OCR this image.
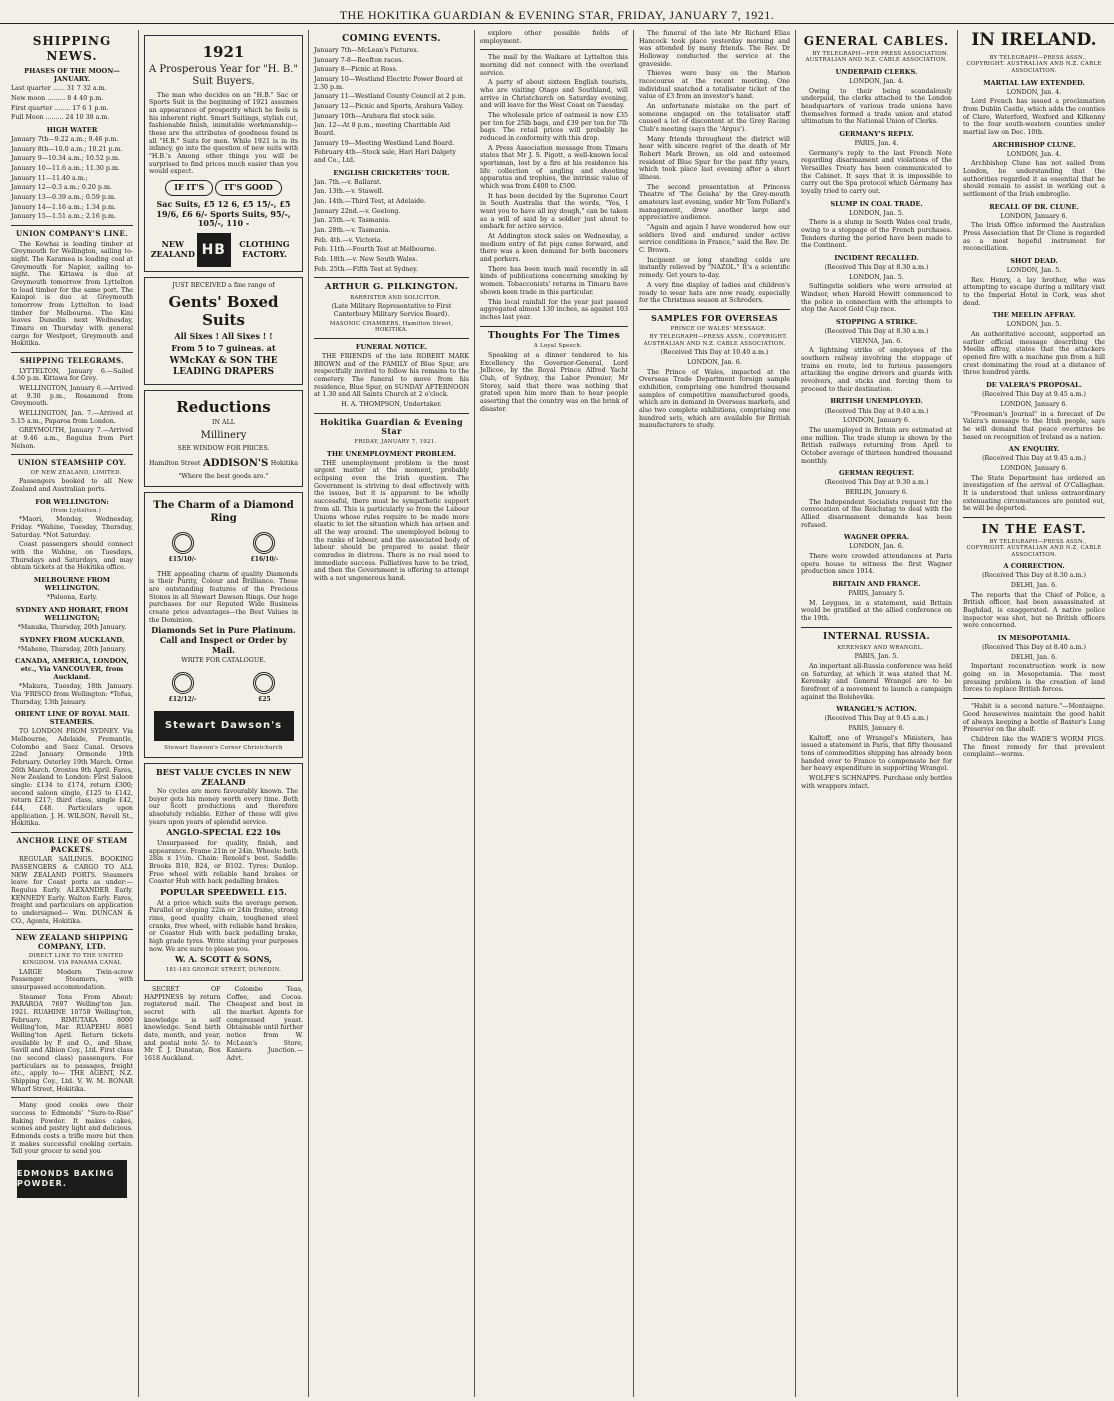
THE HOKITIKA GUARDIAN & EVENING STAR, FRIDAY, JANUARY 7, 1921.
SHIPPING NEWS.
PHASES OF THE MOON—JANUARY.

Last quarter ...... 31 7 32 a.m.

New moon ......... 8 4 40 p.m.

First quarter ........ 17 6 1 p.m.

Full Moon ......... 24 10 38 a.m.

HIGH WATER

January 7th—9.22 a.m.; 9.46 p.m.

January 8th—10.0 a.m.; 10.21 p.m.

January 9—10.34 a.m.; 10.52 p.m.

January 10—11.6 a.m.; 11.30 p.m.

January 11—11.40 a.m.;

January 12—0.3 a.m.; 0.20 p.m.

January 13—0.39 a.m.; 0.59 p.m.

January 14—1.16 a.m.; 1.34 p.m.

January 15—1.51 a.m.; 2.16 p.m.

UNION COMPANY'S LINE.

The Kowhai is loading timber at Greymouth for Wellington, sailing to-night. The Karamea is loading coal at Greymouth for Napier, sailing to-night. The Kittawa is due at Greymouth tomorrow from Lyttelton to load timber for the same port. The Kaiapoi is due at Greymouth tomorrow from Lyttelton to load timber for Melbourne. The Kini leaves Dunedin next Wednesday, Timaru on Thursday with general cargo for Westport, Greymouth and Hokitika.

SHIPPING TELEGRAMS.

LYTTELTON, January 6.—Sailed 4.50 p.m. Kittawa for Grey.

WELLINGTON, January 6.—Arrived at 9.30 p.m., Rosamond from Greymouth.

WELLINGTON, Jan. 7.—Arrived at 5.15 a.m., Paparoa from London.

GREYMOUTH, January 7.—Arrived at 9.46 a.m., Regulus from Port Nelson.

UNION STEAMSHIP COY.

OF NEW ZEALAND, LIMITED.

Passengers booked to all New Zealand and Australian ports.

FOR WELLINGTON:

(from Lyttelton.)

*Maori, Monday, Wednesday, Friday. *Wahine, Tuesday, Thursday, Saturday. *Not Saturday.

Coast passengers should connect with the Wahine, on Tuesdays, Thursdays and Saturdays, and may obtain tickets at the Hokitika office.

MELBOURNE FROM WELLINGTON.

*Paloona, Early.

SYDNEY AND HOBART, FROM WELLINGTON;

*Manuka, Thursday, 20th January.

SYDNEY FROM AUCKLAND.

*Maheno, Thursday, 20th January.

CANADA, AMERICA, LONDON, etc., Via VANCOUVER, from Auckland.

*Makura, Tuesday, 18th January. Via 'FRISCO from Wellington: *Tofua, Thursday, 13th January.

ORIENT LINE OF ROYAL MAIL STEAMERS.

TO LONDON FROM SYDNEY. Via Melbourne, Adelaide, Fremantle, Colombo and Suez Canal. Orsova 22nd January. Ormonde 19th February. Osterley 19th March. Orme 26th March. Orontes 9th April. Fares, New Zealand to London: First Saloon single: £134 to £174, return £300; second saloon single, £125 to £142, return £217; third class, single £42, £44, £48. Particulars upon application. J. H. WILSON, Revell St., Hokitika.

ANCHOR LINE OF STEAM PACKETS.

REGULAR SAILINGS. BOOKING PASSENGERS & CARGO TO ALL NEW ZEALAND PORTS. Steamers leave for Coast ports as under:— Regulus Early. ALEXANDER Early. KENNEDY Early. Walton Early. Fares, freight and particulars on application to undersigned— Wm. DUNCAN & CO., Agents, Hokitika.

NEW ZEALAND SHIPPING COMPANY, LTD.

DIRECT LINE TO THE UNITED KINGDOM. VIA PANAMA CANAL

LARGE Modern Twin-screw Passenger Steamers, with unsurpassed accommodation.

Steamer Tons From About: PARAROA 7697 Welling'ton Jan. 1921. RUAHINE 10758 Welling'ton, February. RIMUTAKA 8000 Welling'ton, Mar. RUAPEHU 8681 Welling'ton April. Return tickets available by P. and O., and Shaw, Savill and Albion Coy., Ltd. First class (no second class) passengers. For particulars as to passages, freight etc., apply to— THE AGENT, N.Z. Shipping Coy., Ltd. V. W. M. BONAR Wharf Street, Hokitika.

Many good cooks owe their success to Edmonds' "Sure-to-Rise" Baking Powder. It makes cakes, scones and pastry light and delicious. Edmonds costs a trifle more but then it makes successful cooking certain. Tell your grocer to send you

EDMONDS BAKING POWDER.
1921
A Prosperous Year for "H. B." Suit Buyers.

The man who decides on an "H.B." Sac or Sports Suit in the beginning of 1921 assumes an appearance of prosperity which he feels is his inherent right. Smart Suitings, stylish cut, fashionable finish, inimitable workmanship—these are the attributes of goodness found in all "H.B." Suits for men. While 1921 is in its infancy, go into the question of new suits with "H.B.'s Among other things you will be surprised to find prices much easier than you would expect.

IF IT'S	IT'S GOOD

Sac Suits, £5 12 6, £5 15/-, £5 19/6, £6 6/- Sports Suits, 95/-, 105/-, 110 -

NEW ZEALAND HB	CLOTHING FACTORY.

JUST RECEIVED a fine range of

Gents' Boxed Suits

All Sixes ! All Sixes ! !

From 5 to 7 guineas. at

WMcKAY & SON THE LEADING DRAPERS

Reductions

IN ALL

Millinery

SEE WINDOW FOR PRICES.

Hamilton Street ADDISON'S Hokitika

"Where the best goods are."

The Charm of a Diamond Ring
£15/10/-	£16/10/-

THE appealing charm of quality Diamonds is their Purity, Colour and Brilliance. These are outstanding features of the Precious Stones in all Stewart Dawson Rings. Our huge purchases for our Reputed Wide Business create price advantages—the Best Values in the Dominion.

Diamonds Set in Pure Platinum. Call and Inspect or Order by Mail.

WRITE FOR CATALOGUE.

£12/12/-	£25
Stewart Dawson's

Stewart Dawson's Corner Christchurch

BEST VALUE CYCLES IN NEW ZEALAND

No cycles are more favourably known. The buyer gets his money worth every time. Both our Scott productions and therefore absolutely reliable. Either of these will give years upon years of splendid service.

ANGLO-SPECIAL £22 10s

Unsurpassed for quality, finish, and appearance. Frame 21in or 24in. Wheels: both 28in x 1½in. Chain: Renold's best. Saddle: Brooks B10, B24, or B102. Tyres: Dunlop. Free wheel with reliable hand brakes or Coaster Hub with back pedalling brakes.

POPULAR SPEEDWELL £15.

At a price which suits the average person. Parallel or sloping 22in or 24in frame, strong rims, good quality chain, toughened steel cranks, free wheel, with reliable hand brakes, or Coaster Hub with back pedalling brake, high grade tyres. Write stating your purposes now. We are sure to please you.

W. A. SCOTT & SONS,

181-183 GEORGE STREET, DUNEDIN.

SECRET OF HAPPINESS by return registered mail. The secret with all knowledge is self knowledge. Send birth date, month, and year, and postal note 5/- to Mr T. J. Dunstan, Box 1618 Auckland.

Colombo Teas, Coffee, and Cocoa. Cheapest and best in the market. Agents for compressed yeast. Obtainable until further notice from W. McLean's Store, Kaniera Junction.—Advt.

COMING EVENTS.

January 7th—McLean's Pictures.

January 7-8—Reefton races.

January 8—Picnic at Ross.

January 10—Westland Electric Power Board at 2.30 p.m.

January 11—Westland County Council at 2 p.m.

January 12—Picnic and Sports, Arahura Valley.

January 10th—Arahura flat stock sale.

Jan. 12—At 8 p.m., meeting Charitable Aid Board.

January 19—Meeting Westland Land Board.

February 4th—Stock sale, Hari Hari Dalgety and Co., Ltd.

ENGLISH CRICKETERS' TOUR.

Jan. 7th.—v. Ballarat.

Jan. 13th.—v. Stawell.

Jan. 14th.—Third Test, at Adelaide.

January 22nd.—v. Geelong.

Jan. 25th.—v. Tasmania.

Jan. 28th.—v. Tasmania.

Feb. 4th.—v. Victoria.

Feb. 11th.—Fourth Test at Melbourne.

Feb. 18th.—v. New South Wales.

Feb. 25th.—Fifth Test at Sydney.

ARTHUR G. PILKINGTON.

BARRISTER AND SOLICITOR.

(Late Military Representative to First Canterbury Military Service Board).

MASONIC CHAMBERS, Hamilton Street, HOKITIKA.

FUNERAL NOTICE.

THE FRIENDS of the late ROBERT MARK BROWN and of the FAMILY of Blue Spur, are respectfully invited to follow his remains to the cemetery. The funeral to move from his residence, Blue Spur, on SUNDAY AFTERNOON at 1.30 and All Saints Church at 2 o'clock.

H. A. THOMPSON, Undertaker.

Hokitika Guardian & Evening Star

FRIDAY, JANUARY 7, 1921.

THE UNEMPLOYMENT PROBLEM.

THE unemployment problem is the most urgent matter at the moment, probably eclipsing even the Irish question. The Government is striving to deal effectively with the issues, but it is apparent to be wholly successful, there must be sympathetic support from all. This is particularly so from the Labour Unions whose rules require to be made more elastic to let the situation which has arisen and all the way around. The unemployed belong to the ranks of labour, and the associated body of labour should be prepared to assist their comrades in distress. There is no real need to immediate success. Palliatives have to be tried, and then the Government is offering to attempt with a not ungenerous hand.

explore other possible fields of employment.

The mail by the Waikare at Lyttelton this morning did not connect with the overland service.

A party of about sixteen English tourists, who are visiting Otago and Southland, will arrive in Christchurch on Saturday evening, and will leave for the West Coast on Tuesday.

The wholesale price of oatmeal is now £35 per ton for 25lb bags, and £39 per ton for 7lb bags. The retail prices will probably be reduced in conformity with this drop.

A Press Association message from Timaru states that Mr J. S. Pigott, a well-known local sportsman, lost by a fire at his residence his life collection of angling and shooting apparatus and trophies, the intrinsic value of which was from £400 to £500.

It has been decided by the Supreme Court in South Australia that the words, "Yes, I want you to have all my dough," can be taken as a will of said by a soldier just about to embark for active service.

At Addington stock sales on Wednesday, a medium entry of fat pigs came forward, and there was a keen demand for both baconers and porkers.

There has been much mail recently in all kinds of publications concerning smoking by women. Tobacconists' returns in Timaru have shown keen trade in this particular.

This local rainfall for the year just passed aggregated almost 130 inches, as against 103 inches last year.

Thoughts For The Times

A Loyal Speech.

Speaking at a dinner tendered to his Excellency the Governor-General, Lord Jellicoe, by the Royal Prince Alfred Yacht Club, of Sydney, the Labor Premier, Mr Storey, said that there was nothing that grated upon him more than to hear people asserting that the country was on the brink of disaster.

The funeral of the late Mr Richard Elias Hancock took place yesterday morning and was attended by many friends. The Rev. Dr Holloway conducted the service at the graveside.

Thieves were busy on the Marion racecourse at the recent meeting. One individual snatched a totalisator ticket of the value of £3 from an investor's hand.

An unfortunate mistake on the part of someone engaged on the totalisator staff caused a lot of discontent at the Grey Racing Club's meeting (says the 'Argus').

Many friends throughout the district will hear with sincere regret of the death of Mr Robert Mark Brown, an old and esteemed resident of Blue Spur for the past fifty years, which took place last evening after a short illness.

The second presentation at Princess Theatre of 'The Geisha' by the Grey-mouth amateurs last evening, under Mr Tom Pollard's management, drew another large and appreciative audience.

"Again and again I have wondered how our soldiers lived and endured under active service conditions in France," said the Rev. Dr. C. Brown.

Incipient or long standing colds are instantly relieved by "NAZOL." It's a scientific remedy. Get yours to-day.

A very fine display of ladies and children's ready to wear hats are now ready, especially for the Christmas season at Schroders.

SAMPLES FOR OVERSEAS

PRINCE OF WALES' MESSAGE.

BY TELEGRAPH—PRESS ASSN., COPYRIGHT. AUSTRALIAN AND N.Z. CABLE ASSOCIATION.

(Received This Day at 10.40 a.m.)

LONDON, Jan. 6.

The Prince of Wales, impacted at the Overseas Trade Department foreign sample exhibition, comprising one hundred thousand samples of competitive manufactured goods, which are in demand in Overseas markets, and also two complete exhibitions, comprising one hundred sets, which are available for British manufacturers to study.

GENERAL CABLES.

BY TELEGRAPH—PER PRESS ASSOCIATION. AUSTRALIAN AND N.Z. CABLE ASSOCIATION.

UNDERPAID CLERKS.

LONDON, Jan. 4.

Owing to their being scandalously underpaid, the clerks attached to the London headquarters of various trade unions have themselves formed a trade union and stated ultimatum to the National Union of Clerks.

GERMANY'S REPLY.

PARIS, Jan. 4.

Germany's reply to the last French Note regarding disarmament and violations of the Versailles Treaty has been communicated to the Cabinet. It says that it is impossible to carry out the Spa protocol which Germany has loyally tried to carry out.

SLUMP IN COAL TRADE.

LONDON, Jan. 5.

There is a slump in South Wales coal trade, owing to a stoppage of the French purchases. Tenders during the period have been made to the Continent.

INCIDENT RECALLED.

(Received This Day at 8.30 a.m.)

LONDON, Jan. 5.

Sultingstie soldiers who were arrested at Windsor, when Harold Hewitt commenced to the police in connection with the attempts to stop the Ascot Gold Cup race.

STOPPING A STRIKE.

(Received This Day at 8.30 a.m.)

VIENNA, Jan. 6.

A lightning strike of employees of the southern railway involving the stoppage of trains en route, led to furious passengers attacking the engine drivers and guards with revolvers, and sticks and forcing them to proceed to their destination.

BRITISH UNEMPLOYED.

(Received This Day at 9.40 a.m.)

LONDON, January 6.

The unemployed in Britain are estimated at one million. The trade slump is shown by the British railways returning from April to October average of thirteen hundred thousand monthly.

GERMAN REQUEST.

(Received This Day at 9.30 a.m.)

BERLIN, January 6.

The Independent Socialists request for the convocation of the Reichstag to deal with the Allied disarmament demands has been refused.

WAGNER OPERA.

LONDON, Jan. 6.

There were crowded attendances at Paris opera house to witness the first Wagner production since 1914.

BRITAIN AND FRANCE.

PARIS, January 5.

M. Leygues, in a statement, said Britain would be gratified at the allied conference on the 19th.

INTERNAL RUSSIA.

KERENSKY AND WRANGEL.

PARIS, Jan. 5.

An important all-Russia conference was held on Saturday, at which it was stated that M. Kerensky and General Wrangel are to be forefront of a movement to launch a campaign against the Bolsheviks.

WRANGEL'S ACTION.

(Received This Day at 9.45 a.m.)

PARIS, January 6.

Kaltoff, one of Wrangel's Ministers, has issued a statement in Paris, that fifty thousand tons of commodities shipping has already been handed over to France to compensate her for her heavy expenditure in supporting Wrangel.

WOLFE'S SCHNAPPS. Purchase only bottles with wrappers intact.

IN IRELAND.

BY TELEGRAPH—PRESS ASSN., COPYRIGHT. AUSTRALIAN AND N.Z. CABLE ASSOCIATION.

MARTIAL LAW EXTENDED.

LONDON, Jan. 4.

Lord French has issued a proclamation from Dublin Castle, which adds the counties of Clare, Waterford, Wexford and Kilkenny to the four south-western counties under martial law on Dec. 10th.

ARCHBISHOP CLUNE.

LONDON, Jan. 4.

Archbishop Clune has not sailed from London, he understanding that the authorities regarded it as essential that he should remain to assist in working out a settlement of the Irish embroglio.

RECALL OF DR. CLUNE.

LONDON, January 6.

The Irish Office informed the Australian Press Association that Dr Clune is regarded as a most hopeful instrument for reconciliation.

SHOT DEAD.

LONDON, Jan. 5.

Rev. Henry, a lay brother, who was attempting to escape during a military visit to the Imperial Hotel in Cork, was shot dead.

THE MEELIN AFFRAY.

LONDON, Jan. 5.

An authoritative account, supported an earlier official message describing the Meelin affray, states that the attackers opened fire with a machine gun from a hill crest dominating the road at a distance of three hundred yards.

DE VALERA'S PROPOSAL.

(Received This Day at 9.45 a.m.)

LONDON, January 6.

"Freeman's Journal" in a forecast of De Valera's message to the Irish people, says he will demand that peace overtures be based on recognition of Ireland as a nation.

AN ENQUIRY.

(Received This Day at 9.45 a.m.)

LONDON, January 6.

The State Department has ordered an investigation of the arrival of O'Callaghan. It is understood that unless extraordinary extenuating circumstances are pointed out, he will be deported.

IN THE EAST.

BY TELEGRAPH—PRESS ASSN., COPYRIGHT. AUSTRALIAN AND N.Z. CABLE ASSOCIATION.

A CORRECTION.

(Received This Day at 8.30 a.m.)

DELHI, Jan. 6.

The reports that the Chief of Police, a British officer, had been assassinated at Baghdad, is exaggerated. A native police inspector was shot, but no British officers were concerned.

IN MESOPOTAMIA.

(Received This Day at 8.40 a.m.)

DELHI, Jan. 6.

Important reconstruction work is now going on in Mesopotamia. The most pressing problem is the creation of land forces to replace British forces.

"Habit is a second nature."—Montaigne. Good housewives maintain the good habit of always keeping a bottle of Baxter's Lung Preserver on the shelf.

Children like the WADE'S WORM FIGS. The finest remedy for that prevalent complaint—worms.
